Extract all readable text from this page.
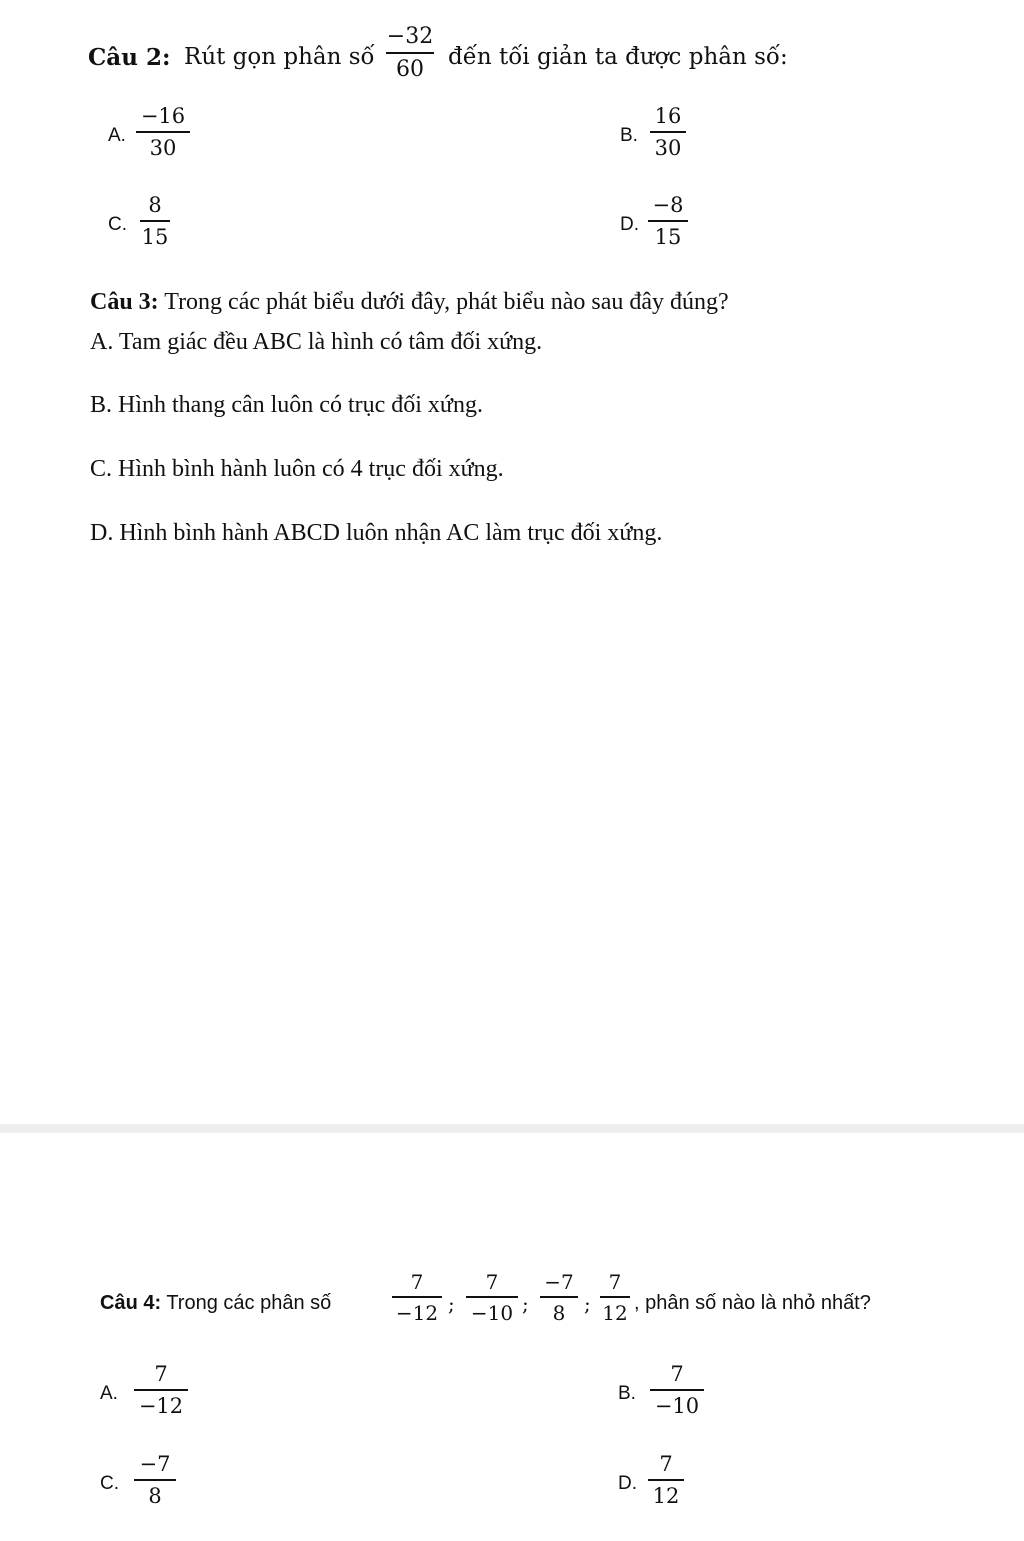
Câu 2: Rút gọn phân số
−32
60	đến tối giản ta được phân số:
A.
−16
30
B.
16
30
C.
8
15
D.
−8
15
Câu 3: Trong các phát biểu dưới đây, phát biểu nào sau đây đúng?
A. Tam giác đều ABC là hình có tâm đối xứng.
B. Hình thang cân luôn có trục đối xứng.
C. Hình bình hành luôn có 4 trục đối xứng.
D. Hình bình hành ABCD luôn nhận AC làm trục đối xứng.
Câu 4: Trong các phân số
7
−12 ;
7
−10 ;
−7
8 ;
7
12 , phân số nào là nhỏ nhất?
A.
7
−12
B.
7
−10
C.
−7
8
D.
7
12
